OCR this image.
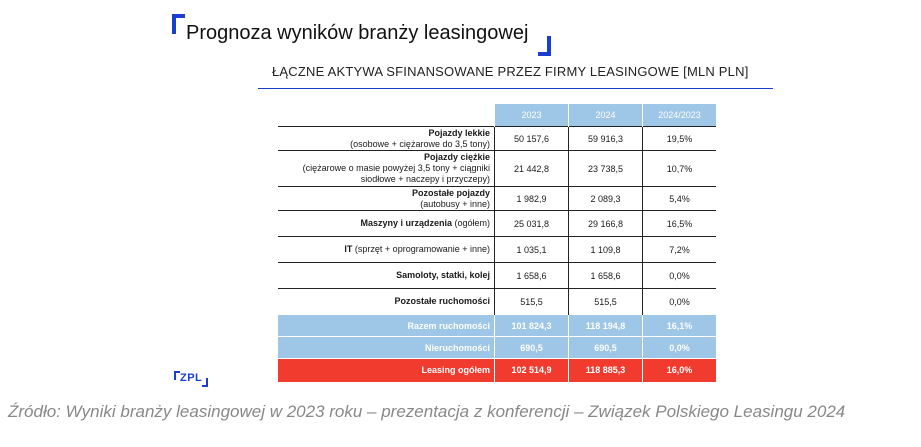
Prognoza wyników branży leasingowej
ŁĄCZNE AKTYWA SFINANSOWANE PRZEZ FIRMY LEASINGOWE [MLN PLN]
	2023	2024	2024/2023
Pojazdy lekkie
(osobowe + ciężarowe do 3,5 tony)	50 157,6	59 916,3	19,5%
Pojazdy ciężkie
(ciężarowe o masie powyżej 3,5 tony + ciągniki siodłowe + naczepy i przyczepy)	21 442,8	23 738,5	10,7%
Pozostałe pojazdy
(autobusy + inne)	1 982,9	2 089,3	5,4%
Maszyny i urządzenia (ogółem)	25 031,8	29 166,8	16,5%
IT (sprzęt + oprogramowanie + inne)	1 035,1	1 109,8	7,2%
Samoloty, statki, kolej	1 658,6	1 658,6	0,0%
Pozostałe ruchomości	515,5	515,5	0,0%
Razem ruchomości	101 824,3	118 194,8	16,1%
Nieruchomości	690,5	690,5	0,0%
Leasing ogółem	102 514,9	118 885,3	16,0%
ZPL
Źródło: Wyniki branży leasingowej w 2023 roku – prezentacja z konferencji – Związek Polskiego Leasingu 2024
